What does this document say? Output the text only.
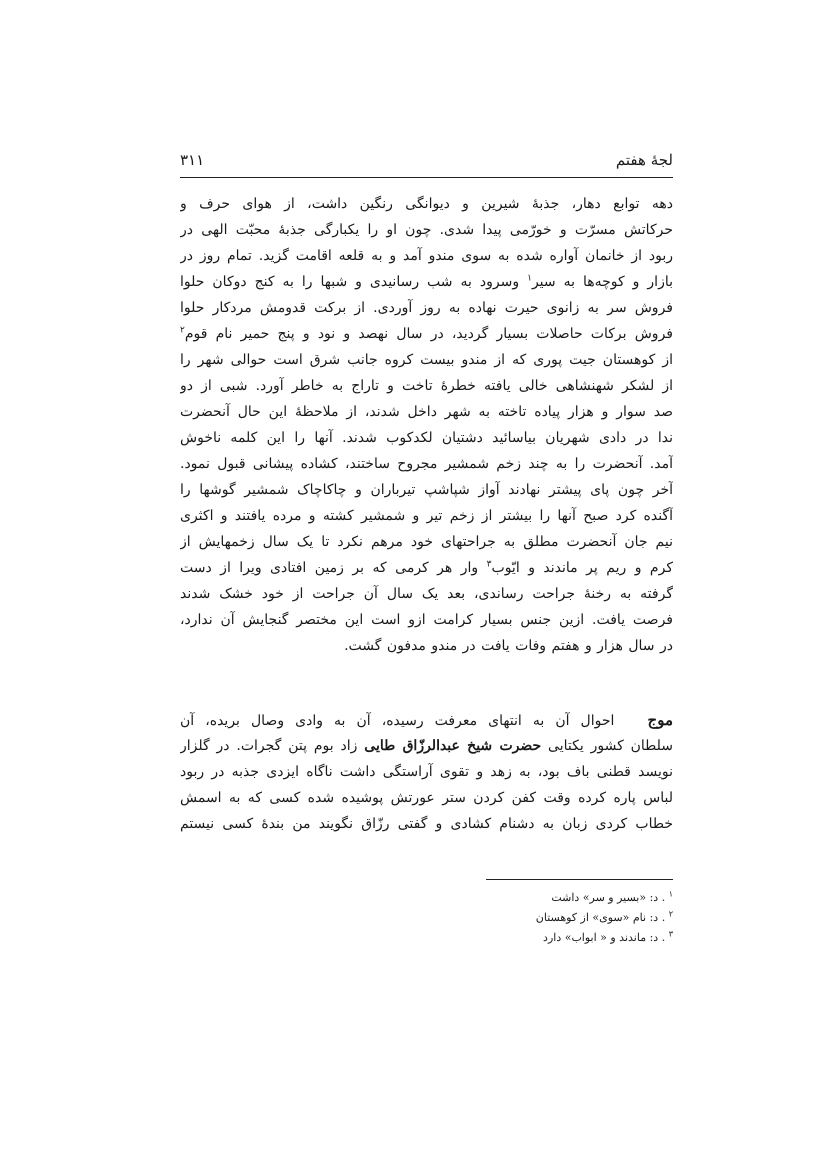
لجۀ هفتم
۳۱۱
دهه توابع دهار، جذبۀ شیرین و دیوانگی رنگین داشت، از هوای حرف و
حرکاتش مسرّت و خورّمی پیدا شدی. چون او را یکبارگی جذبۀ محبّت الهی در
ربود از خانمان آواره شده به سوی مندو آمد و به قلعه اقامت گزید. تمام روز در
بازار و کوچه‌ها به سیر$^۱$ وسرود به شب رسانیدی و شبها را به کنج دوکان حلوا
فروش سر به زانوی حیرت نهاده به روز آوردی. از برکت قدومش مردکار حلوا
فروش برکات حاصلات بسیار گردید، در سال نهصد و نود و پنج حمیر نام قوم$^۲$
از کوهستان جیت پوری که از مندو بیست کروه جانب شرق است حوالی شهر را
از لشکر شهنشاهی خالی یافته خطرۀ تاخت و تاراج به خاطر آورد. شبی از دو
صد سوار و هزار پیاده تاخته به شهر داخل شدند، از ملاحظۀ این حال آنحضرت
ندا در دادی شهریان بیاسائید دشتیان لکدکوب شدند. آنها را این کلمه ناخوش
آمد. آنحضرت را به چند زخم شمشیر مجروح ساختند، کشاده پیشانی قبول نمود.
آخر چون پای پیشتر نهادند آواز شپاشپ تیرباران و چاکاچاک شمشیر گوشها را
آگنده کرد صبح آنها را بیشتر از زخم تیر و شمشیر کشته و مرده یافتند و اکثری
نیم جان آنحضرت مطلق به جراحتهای خود مرهم نکرد تا یک سال زخمهایش از
کرم و ریم پر ماندند و ایّوب$^۳$ وار هر کرمی که بر زمین افتادی ویرا از دست
گرفته به رخنۀ جراحت رساندی، بعد یک سال آن جراحت از خود خشک شدند
فرصت یافت. ازین جنس بسیار کرامت ازو است این مختصر گنجایش آن ندارد،
در سال هزار و هفتم وفات یافت در مندو مدفون گشت.
موج   احوال آن به انتهای معرفت رسیده، آن به وادی وصال بریده، آن
سلطان کشور یکتایی حضرت شیخ عبدالرزّاق طایی زاد بوم پتن گجرات. در گلزار
نویسد قطنی باف بود، به زهد و تقوی آراستگی داشت ناگاه ایزدی جذبه در ربود
لباس پاره کرده وقت کفن کردن ستر عورتش پوشیده شده کسی که به اسمش
خطاب کردی زبان به دشنام کشادی و گفتی رزّاق نگویند من بندۀ کسی نیستم
$^۱$ . د: «بسیر و سر» داشت
$^۲$ . د: نام «سوی» از کوهستان
$^۳$ . د: ماندند و « ابواب» دارد
